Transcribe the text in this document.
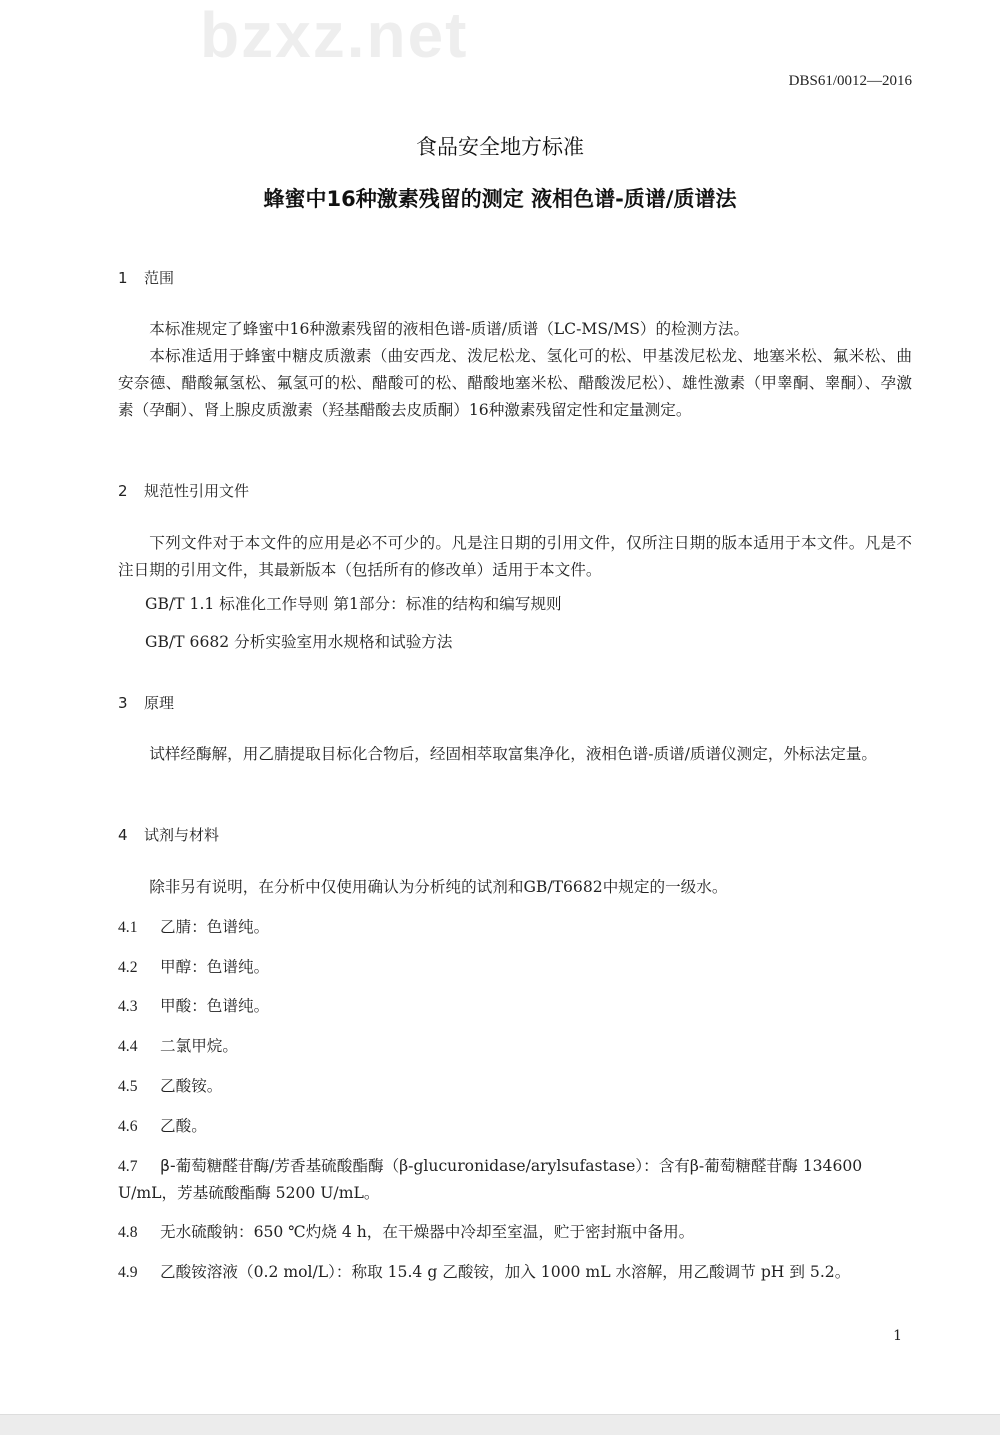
bzxz.net
DBS61/0012—2016
食品安全地方标准
蜂蜜中16种激素残留的测定 液相色谱-质谱/质谱法
1 范围
本标准规定了蜂蜜中16种激素残留的液相色谱-质谱/质谱（LC-MS/MS）的检测方法。
本标准适用于蜂蜜中糖皮质激素（曲安西龙、泼尼松龙、氢化可的松、甲基泼尼松龙、地塞米松、氟米松、曲安奈德、醋酸氟氢松、氟氢可的松、醋酸可的松、醋酸地塞米松、醋酸泼尼松）、雄性激素（甲睾酮、睾酮）、孕激素（孕酮）、肾上腺皮质激素（羟基醋酸去皮质酮）16种激素残留定性和定量测定。
2 规范性引用文件
下列文件对于本文件的应用是必不可少的。凡是注日期的引用文件，仅所注日期的版本适用于本文件。凡是不注日期的引用文件，其最新版本（包括所有的修改单）适用于本文件。
GB/T 1.1 标准化工作导则 第1部分：标准的结构和编写规则
GB/T 6682 分析实验室用水规格和试验方法
3 原理
试样经酶解，用乙腈提取目标化合物后，经固相萃取富集净化，液相色谱-质谱/质谱仪测定，外标法定量。
4 试剂与材料
除非另有说明，在分析中仅使用确认为分析纯的试剂和GB/T6682中规定的一级水。
4.1 乙腈：色谱纯。
4.2 甲醇：色谱纯。
4.3 甲酸：色谱纯。
4.4 二氯甲烷。
4.5 乙酸铵。
4.6 乙酸。
4.7 β-葡萄糖醛苷酶/芳香基硫酸酯酶（β-glucuronidase/arylsufastase）：含有β-葡萄糖醛苷酶 134600 U/mL，芳基硫酸酯酶 5200 U/mL。
4.8 无水硫酸钠：650 ℃灼烧 4 h，在干燥器中冷却至室温，贮于密封瓶中备用。
4.9 乙酸铵溶液（0.2 mol/L）：称取 15.4 g 乙酸铵，加入 1000 mL 水溶解，用乙酸调节 pH 到 5.2。
1
